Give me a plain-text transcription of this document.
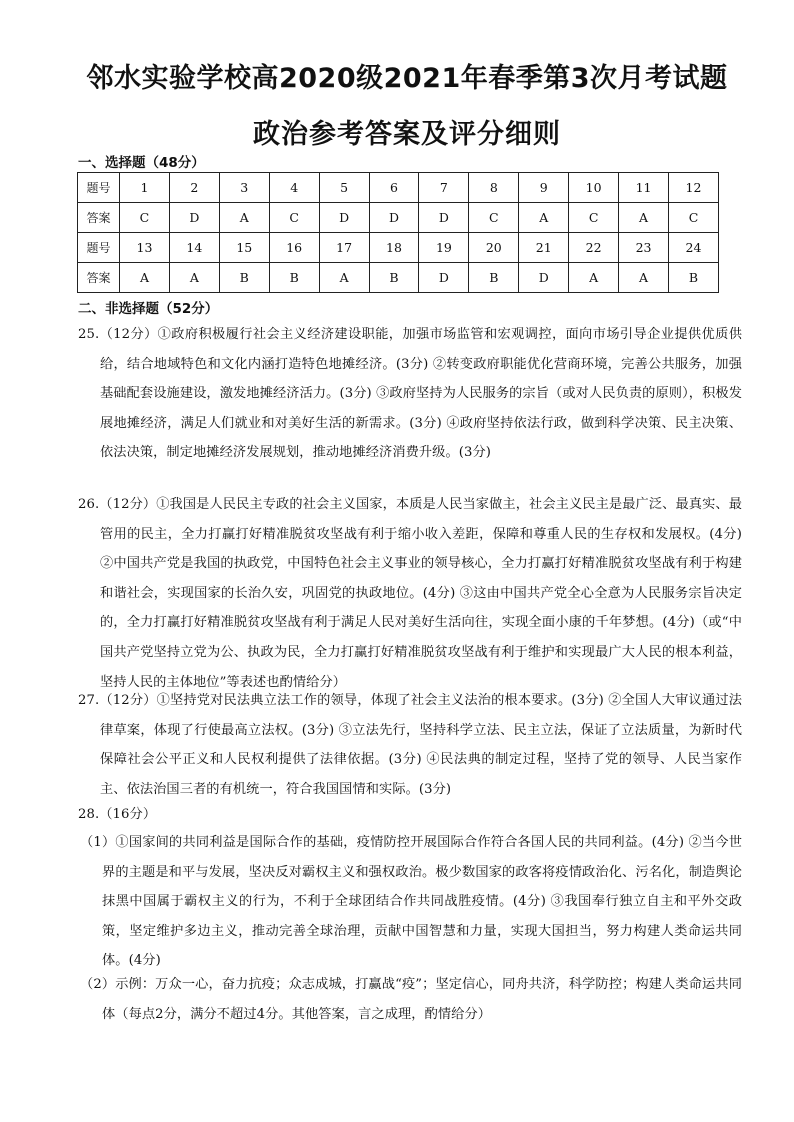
邻水实验学校高2020级2021年春季第3次月考试题
政治参考答案及评分细则
一、选择题（48分）
题号	1	2	3	4	5	6	7	8	9	10	11	12
答案	C	D	A	C	D	D	D	C	A	C	A	C
题号	13	14	15	16	17	18	19	20	21	22	23	24
答案	A	A	B	B	A	B	D	B	D	A	A	B
二、非选择题（52分）
25.（12分）①政府积极履行社会主义经济建设职能，加强市场监管和宏观调控，面向市场引导企业提供优质供给，结合地域特色和文化内涵打造特色地摊经济。(3分) ②转变政府职能优化营商环境，完善公共服务，加强基础配套设施建设，激发地摊经济活力。(3分) ③政府坚持为人民服务的宗旨（或对人民负责的原则），积极发展地摊经济，满足人们就业和对美好生活的新需求。(3分) ④政府坚持依法行政，做到科学决策、民主决策、依法决策，制定地摊经济发展规划，推动地摊经济消费升级。(3分)
26.（12分）①我国是人民民主专政的社会主义国家，本质是人民当家做主，社会主义民主是最广泛、最真实、最管用的民主，全力打赢打好精准脱贫攻坚战有利于缩小收入差距，保障和尊重人民的生存权和发展权。(4分) ②中国共产党是我国的执政党，中国特色社会主义事业的领导核心，全力打赢打好精准脱贫攻坚战有利于构建和谐社会，实现国家的长治久安，巩固党的执政地位。(4分) ③这由中国共产党全心全意为人民服务宗旨决定的，全力打赢打好精准脱贫攻坚战有利于满足人民对美好生活向往，实现全面小康的千年梦想。(4分)（或“中国共产党坚持立党为公、执政为民，全力打赢打好精准脱贫攻坚战有利于维护和实现最广大人民的根本利益，坚持人民的主体地位”等表述也酌情给分）
27.（12分）①坚持党对民法典立法工作的领导，体现了社会主义法治的根本要求。(3分) ②全国人大审议通过法律草案，体现了行使最高立法权。(3分) ③立法先行，坚持科学立法、民主立法，保证了立法质量，为新时代保障社会公平正义和人民权利提供了法律依据。(3分) ④民法典的制定过程，坚持了党的领导、人民当家作主、依法治国三者的有机统一，符合我国国情和实际。(3分)
28.（16分）
（1）①国家间的共同利益是国际合作的基础，疫情防控开展国际合作符合各国人民的共同利益。(4分) ②当今世界的主题是和平与发展，坚决反对霸权主义和强权政治。极少数国家的政客将疫情政治化、污名化，制造舆论抹黑中国属于霸权主义的行为，不利于全球团结合作共同战胜疫情。(4分) ③我国奉行独立自主和平外交政策，坚定维护多边主义，推动完善全球治理，贡献中国智慧和力量，实现大国担当，努力构建人类命运共同体。(4分)
（2）示例：万众一心，奋力抗疫；众志成城，打赢战“疫”；坚定信心，同舟共济，科学防控；构建人类命运共同体（每点2分，满分不超过4分。其他答案，言之成理，酌情给分）
